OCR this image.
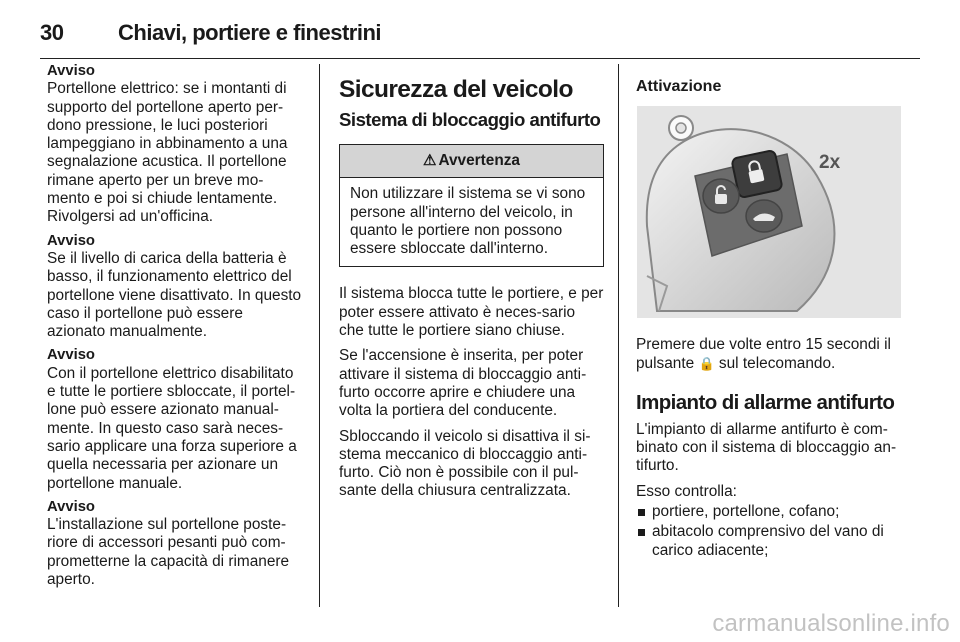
30 Chiavi, portiere e finestrini
Avviso
Portellone elettrico: se i montanti di supporto del portellone aperto per-dono pressione, le luci posteriori lampeggiano in abbinamento a una segnalazione acustica. Il portellone rimane aperto per un breve mo-mento e poi si chiude lentamente. Rivolgersi ad un'officina.
Avviso
Se il livello di carica della batteria è basso, il funzionamento elettrico del portellone viene disattivato. In questo caso il portellone può essere azionato manualmente.
Avviso
Con il portellone elettrico disabilitato e tutte le portiere sbloccate, il portel-lone può essere azionato manual-mente. In questo caso sarà neces-sario applicare una forza superiore a quella necessaria per azionare un portellone manuale.
Avviso
L'installazione sul portellone poste-riore di accessori pesanti può com-prometterne la capacità di rimanere aperto.
Sicurezza del veicolo
Sistema di bloccaggio antifurto
⚠ Avvertenza
Non utilizzare il sistema se vi sono persone all'interno del veicolo, in quanto le portiere non possono essere sbloccate dall'interno.

Il sistema blocca tutte le portiere, e per poter essere attivato è neces-sario che tutte le portiere siano chiuse.

Se l'accensione è inserita, per poter attivare il sistema di bloccaggio anti-furto occorre aprire e chiudere una volta la portiera del conducente.

Sbloccando il veicolo si disattiva il si-stema meccanico di bloccaggio anti-furto. Ciò non è possibile con il pul-sante della chiusura centralizzata.

Attivazione
2x

Premere due volte entro 15 secondi il pulsante 🔒 sul telecomando.

Impianto di allarme antifurto

L'impianto di allarme antifurto è com-binato con il sistema di bloccaggio an-tifurto.

Esso controlla:

portiere, portellone, cofano;
abitacolo comprensivo del vano di carico adiacente;
carmanualsonline.info
